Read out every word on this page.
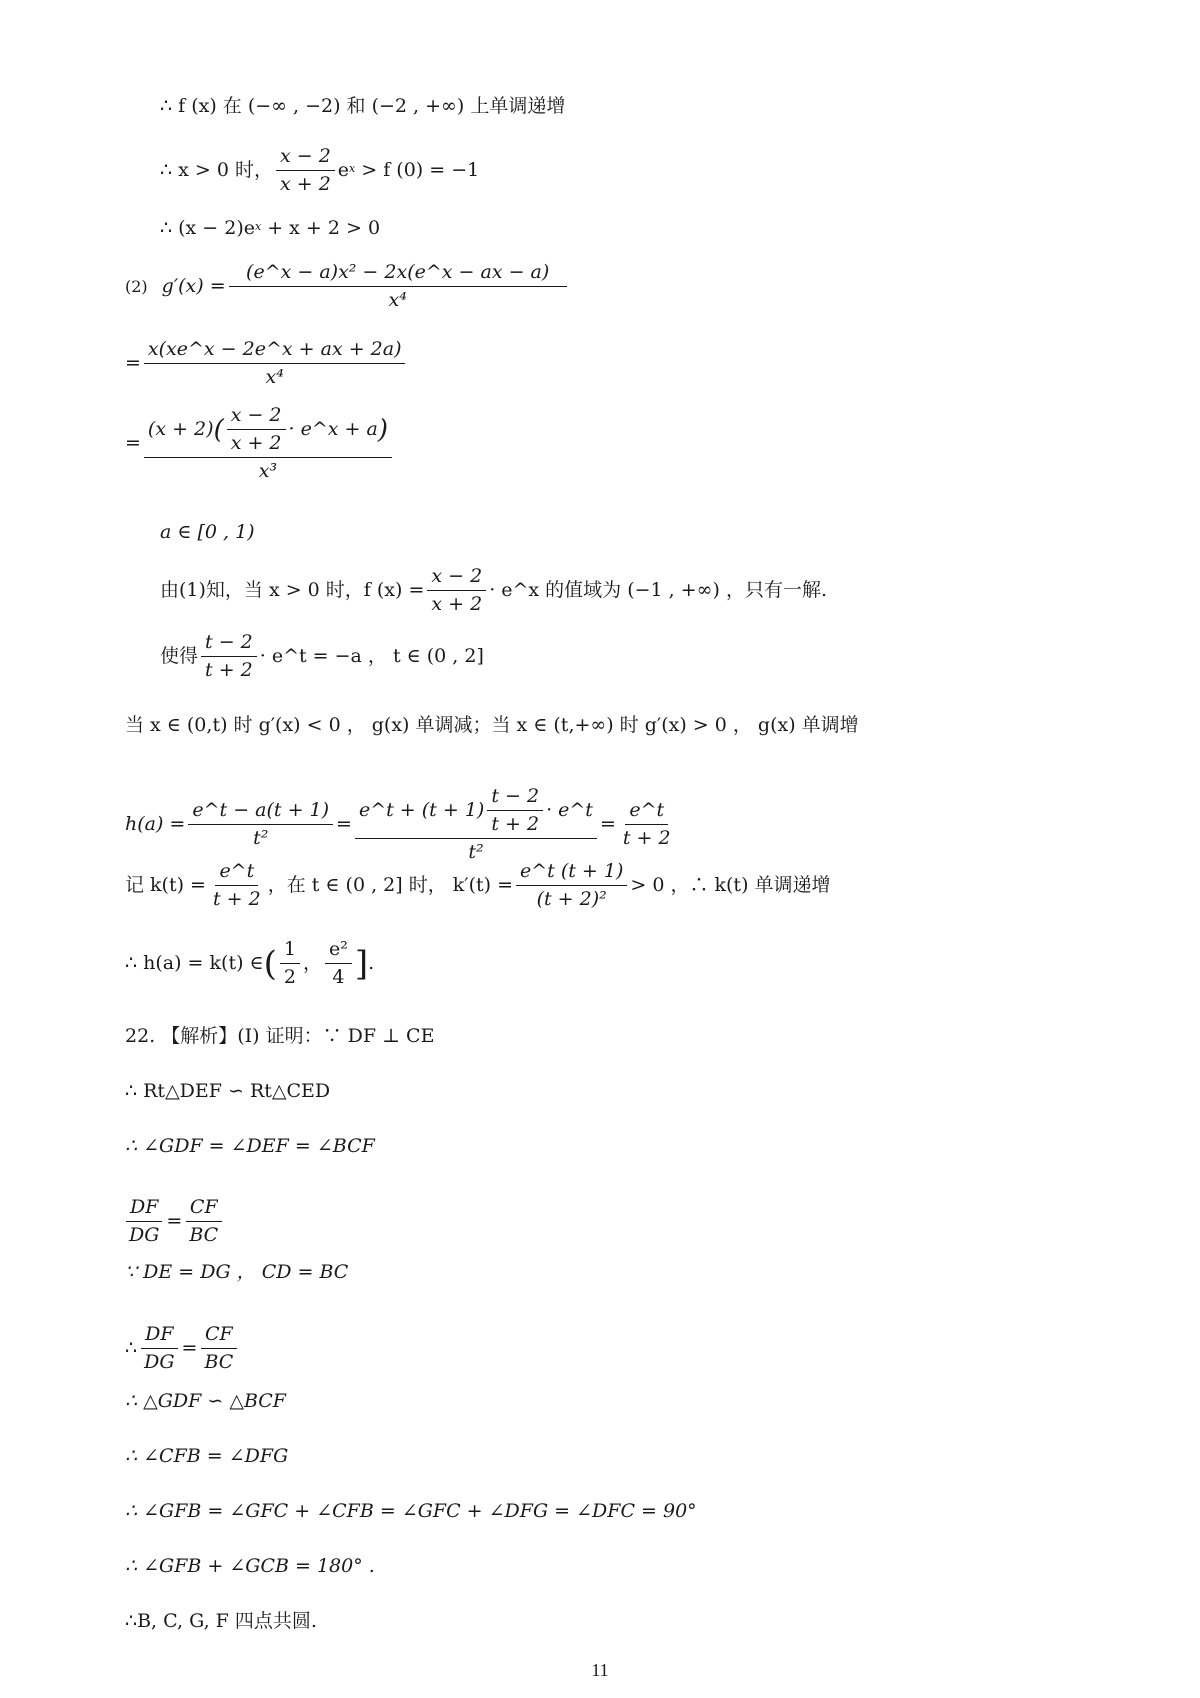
∴ f (x) 在 (−∞ , −2) 和 (−2 , +∞) 上单调递增
∴ x > 0 时， $\frac{x - 2}{x + 2}$ e x > f (0) = −1
∴ (x − 2)e x + x + 2 > 0
(2) $g'(x) = \frac{\text{(e\textasciicircum{}x − a)x² − 2x(e\textasciicircum{}x − ax − a)}}{\text{x⁴}}$
= $\frac{x(xe\^{}x - 2e\^{}x + ax + 2a)}{\text{x⁴}}$
=
(x + 2) ( $\frac{x - 2}{x + 2}$ · e^x + a )
x³
a ∈ [0 , 1)
由(1)知，当 x > 0 时，f $(x) = \frac{x - 2}{x + 2}$ · e^x 的值域为 (−1 , +∞) ，只有一解.
使得 $\frac{t - 2}{t + 2}$ · e^t = −a ， t ∈ (0 , 2]
当 x ∈ (0,t) 时 g′(x) < 0 ， g(x) 单调减；当 x ∈ (t,+∞) 时 g′(x) > 0 ， g(x) 单调增
$h(a) = \frac{e\^{}t - a(t + 1)}{\text{t²}}$ =
e^t + $(t + 1) \frac{t - 2}{t + 2}$ · e^t
t²
= $\frac{e\^{}t}{t + 2}$
记 $k(t) = \frac{e\^{}t}{t + 2}$ ，在 t ∈ (0 , 2] 时， $k'(t) = \frac{e\^{}t (t + 1)}{\text{(t + 2)²}} > 0$ ，∴ k(t) 单调递增
∴ h(a) = k(t) ∈ ( $\frac{1}{2}$ ， $\frac{\text{e²}}{4}$ ] .
22. 【解析】(Ⅰ) 证明：∵ DF ⊥ CE
∴ Rt△DEF ∽ Rt△CED
∴ ∠GDF = ∠DEF = ∠BCF
$\frac{DF}{DG} = \frac{CF}{BC}$
∵ DE = DG ， CD = BC
∴ $\frac{DF}{DG} = \frac{CF}{BC}$
∴ △GDF ∽ △BCF
∴ ∠CFB = ∠DFG
∴ ∠GFB = ∠GFC + ∠CFB = ∠GFC + ∠DFG = ∠DFC = 90°
∴ ∠GFB + ∠GCB = 180° .
∴B, C, G, F 四点共圆.
11
